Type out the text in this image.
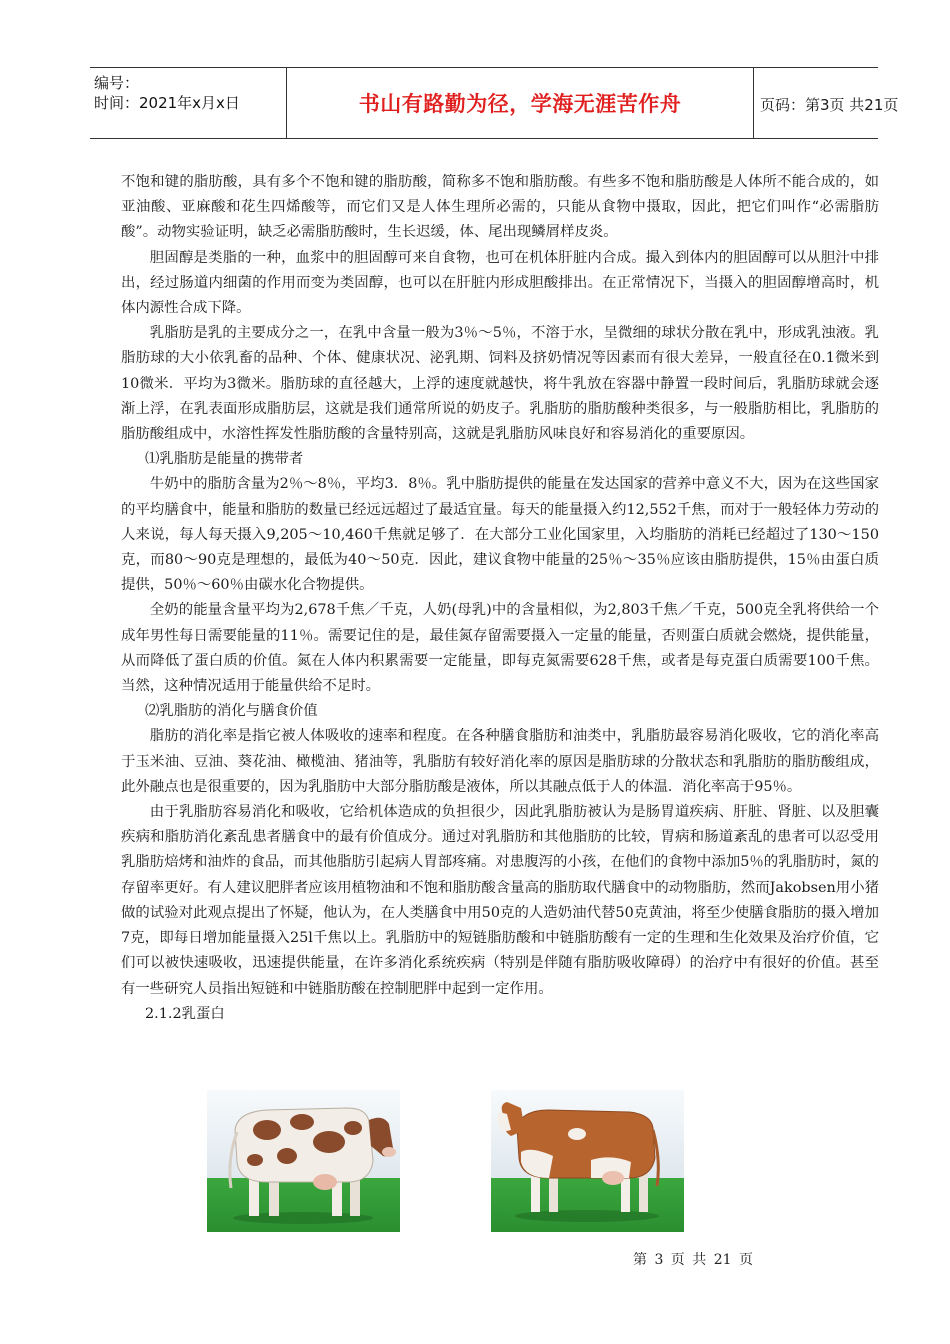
编号：
时间：2021年x月x日	书山有路勤为径，学海无涯苦作舟	页码：第3页 共21页

不饱和键的脂肪酸，具有多个不饱和键的脂肪酸，简称多不饱和脂肪酸。有些多不饱和脂肪酸是人体所不能合成的，如亚油酸、亚麻酸和花生四烯酸等，而它们又是人体生理所必需的，只能从食物中摄取，因此，把它们叫作“必需脂肪酸”。动物实验证明，缺乏必需脂肪酸时，生长迟缓，体、尾出现鳞屑样皮炎。

胆固醇是类脂的一种，血浆中的胆固醇可来自食物，也可在机体肝脏内合成。撮入到体内的胆固醇可以从胆汁中排出，经过肠道内细菌的作用而变为类固醇，也可以在肝脏内形成胆酸排出。在正常情况下，当摄入的胆固醇增高时，机体内源性合成下降。

乳脂肪是乳的主要成分之一，在乳中含量一般为3％～5％，不溶于水，呈微细的球状分散在乳中，形成乳浊液。乳脂肪球的大小依乳畜的品种、个体、健康状况、泌乳期、饲料及挤奶情况等因素而有很大差异，一般直径在0.1微米到10微米．平均为3微米。脂肪球的直径越大，上浮的速度就越快，将牛乳放在容器中静置一段时间后，乳脂肪球就会逐渐上浮，在乳表面形成脂肪层，这就是我们通常所说的奶皮子。乳脂肪的脂肪酸种类很多，与一般脂肪相比，乳脂肪的脂肪酸组成中，水溶性挥发性脂肪酸的含量特别高，这就是乳脂肪风味良好和容易消化的重要原因。

⑴乳脂肪是能量的携带者

牛奶中的脂肪含量为2％～8％，平均3．8％。乳中脂肪提供的能量在发达国家的营养中意义不大，因为在这些国家的平均膳食中，能量和脂肪的数量已经远远超过了最适宜量。每天的能量摄入约12,552千焦，而对于一般轻体力劳动的人来说，每人每天摄入9,205～10,460千焦就足够了．在大部分工业化国家里，入均脂肪的消耗已经超过了130～150克，而80～90克是理想的，最低为40～50克．因此，建议食物中能量的25％～35％应该由脂肪提供，15％由蛋白质提供，50％～60％由碳水化合物提供。

全奶的能量含量平均为2,678千焦／千克，人奶(母乳)中的含量相似，为2,803千焦／千克，500克全乳将供给一个成年男性每日需要能量的11％。需要记住的是，最佳氮存留需要摄入一定量的能量，否则蛋白质就会燃烧，提供能量，从而降低了蛋白质的价值。氮在人体内积累需要一定能量，即每克氮需要628千焦，或者是每克蛋白质需要100千焦。当然，这种情况适用于能量供给不足时。

⑵乳脂肪的消化与膳食价值

脂肪的消化率是指它被人体吸收的速率和程度。在各种膳食脂肪和油类中，乳脂肪最容易消化吸收，它的消化率高于玉米油、豆油、葵花油、橄榄油、猪油等，乳脂肪有较好消化率的原因是脂肪球的分散状态和乳脂肪的脂肪酸组成，此外融点也是很重要的，因为乳脂肪中大部分脂肪酸是液体，所以其融点低于人的体温．消化率高于95％。

由于乳脂肪容易消化和吸收，它给机体造成的负担很少，因此乳脂肪被认为是肠胃道疾病、肝脏、肾脏、以及胆囊疾病和脂肪消化紊乱患者膳食中的最有价值成分。通过对乳脂肪和其他脂肪的比较，胃病和肠道紊乱的患者可以忍受用乳脂肪焙烤和油炸的食品，而其他脂肪引起病人胃部疼痛。对患腹泻的小孩，在他们的食物中添加5％的乳脂肪时，氮的存留率更好。有人建议肥胖者应该用植物油和不饱和脂肪酸含量高的脂肪取代膳食中的动物脂肪，然而Jakobsen用小猪做的试验对此观点提出了怀疑，他认为，在人类膳食中用50克的人造奶油代替50克黄油，将至少使膳食脂肪的摄入增加7克，即每日增加能量摄入25l千焦以上。乳脂肪中的短链脂肪酸和中链脂肪酸有一定的生理和生化效果及治疗价值，它们可以被快速吸收，迅速提供能量，在许多消化系统疾病（特别是伴随有脂肪吸收障碍）的治疗中有很好的价值。甚至有一些研究人员指出短链和中链脂肪酸在控制肥胖中起到一定作用。

2.1.2乳蛋白

第 3 页 共 21 页
